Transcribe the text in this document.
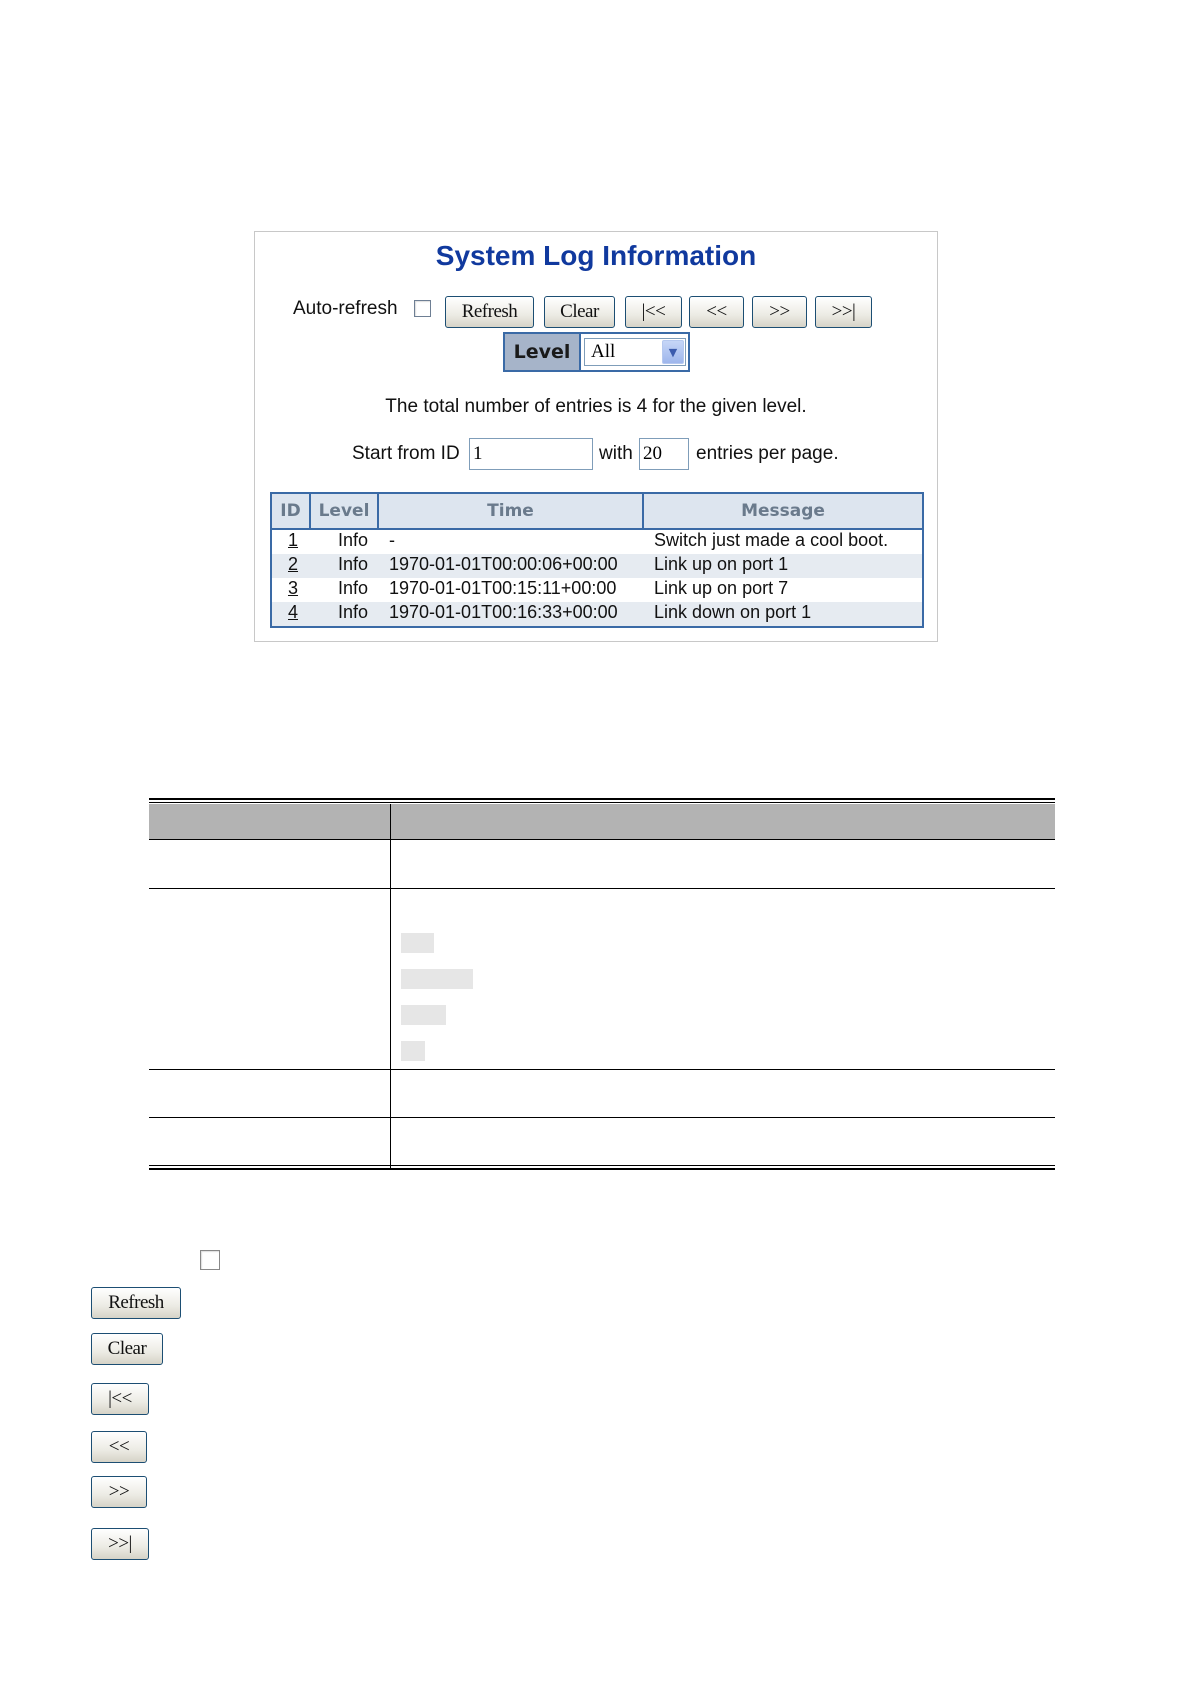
System Log Information
Auto-refresh	Refresh	Clear	|<<	<<	>>	>>|
Level	All	▼
The total number of entries is 4 for the given level.
Start from ID
1	with
20	entries per page.
ID	Level	Time	Message
1 Info -	Switch just made a cool boot.
2 Info 1970-01-01T00:00:06+00:00 Link up on port 1
3 Info 1970-01-01T00:15:11+00:00 Link up on port 7
4 Info 1970-01-01T00:16:33+00:00 Link down on port 1
Refresh
Clear
|<<
<<
>>
>>|
